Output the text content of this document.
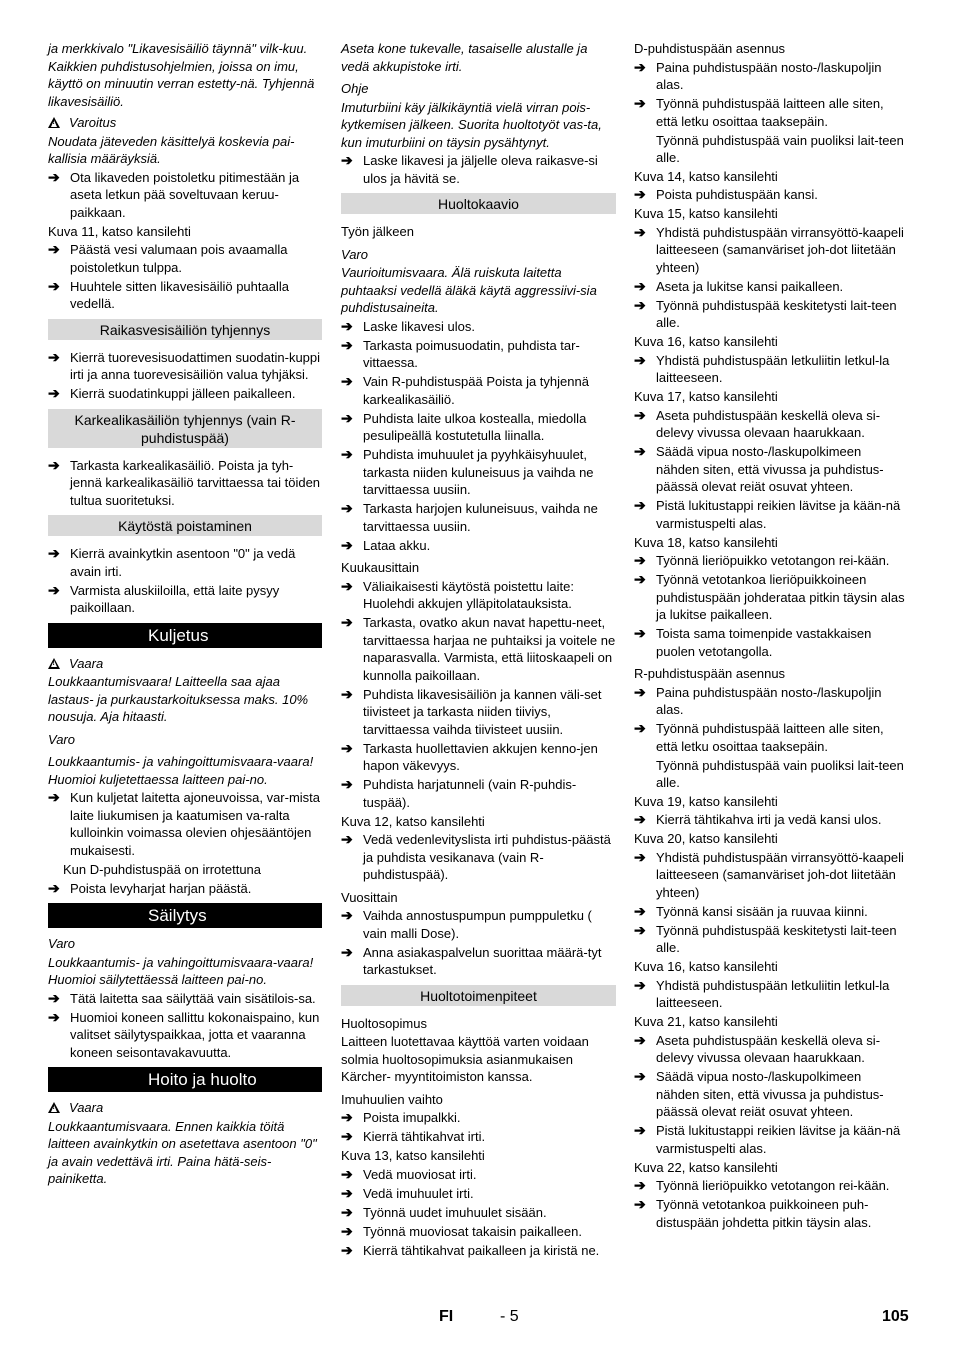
ja merkkivalo "Likavesisäiliö täynnä" vilk-kuu. Kaikkien puhdistusohjelmien, joissa on imu, käyttö on minuutin verran estetty-nä. Tyhjennä likavesisäiliö.
!Varoitus
Noudata jäteveden käsittelyä koskevia pai-kallisia määräyksiä.
➔ Ota likaveden poistoletku pitimestään ja aseta letkun pää soveltuvaan keruu-paikkaan.
Kuva 11, katso kansilehti
➔ Päästä vesi valumaan pois avaamalla poistoletkun tulppa.
➔ Huuhtele sitten likavesisäiliö puhtaalla vedellä.
Raikasvesisäiliön tyhjennys
➔ Kierrä tuorevesisuodattimen suodatin-kuppi irti ja anna tuorevesisäiliön valua tyhjäksi.
➔ Kierrä suodatinkuppi jälleen paikalleen.
Karkealikasäiliön tyhjennys (vain R-puhdistuspää)
➔ Tarkasta karkealikasäiliö. Poista ja tyh-jennä karkealikasäiliö tarvittaessa tai töiden tultua suoritetuksi.
Käytöstä poistaminen
➔ Kierrä avainkytkin asentoon "0" ja vedä avain irti.
➔ Varmista aluskiiloilla, että laite pysyy paikoillaan.
Kuljetus
!Vaara
Loukkaantumisvaara! Laitteella saa ajaa lastaus- ja purkaustarkoituksessa maks. 10% nousuja. Aja hitaasti.
Varo
Loukkaantumis- ja vahingoittumisvaara-vaara! Huomioi kuljetettaessa laitteen pai-no.
➔ Kun kuljetat laitetta ajoneuvoissa, var-mista laite liukumisen ja kaatumisen va-ralta kulloinkin voimassa olevien ohjesääntöjen mukaisesti.
Kun D-puhdistuspää on irrotettuna
➔ Poista levyharjat harjan päästä.
Säilytys
Varo
Loukkaantumis- ja vahingoittumisvaara-vaara! Huomioi säilytettäessä laitteen pai-no.
➔ Tätä laitetta saa säilyttää vain sisätilois-sa.
➔ Huomioi koneen sallittu kokonaispaino, kun valitset säilytyspaikkaa, jotta et vaaranna koneen seisontavakavuutta.
Hoito ja huolto
!Vaara
Loukkaantumisvaara. Ennen kaikkia töitä laitteen avainkytkin on asetettava asentoon "0" ja avain vedettävä irti. Paina hätä-seis-painiketta.
Aseta kone tukevalle, tasaiselle alustalle ja vedä akkupistoke irti.
Ohje
Imuturbiini käy jälkikäyntiä vielä virran pois-kytkemisen jälkeen. Suorita huoltotyöt vas-ta, kun imuturbiini on täysin pysähtynyt.
➔ Laske likavesi ja jäljelle oleva raikasve-si ulos ja hävitä se.
Huoltokaavio
Työn jälkeen
Varo
Vaurioitumisvaara. Älä ruiskuta laitetta puhtaaksi vedellä äläkä käytä aggressiivi-sia puhdistusaineita.
➔ Laske likavesi ulos.
➔ Tarkasta poimusuodatin, puhdista tar-vittaessa.
➔ Vain R-puhdistuspää Poista ja tyhjennä karkealikasäiliö.
➔ Puhdista laite ulkoa kostealla, miedolla pesulipeällä kostutetulla liinalla.
➔ Puhdista imuhuulet ja pyyhkäisyhuulet, tarkasta niiden kuluneisuus ja vaihda ne tarvittaessa uusiin.
➔ Tarkasta harjojen kuluneisuus, vaihda ne tarvittaessa uusiin.
➔ Lataa akku.
Kuukausittain
➔ Väliaikaisesti käytöstä poistettu laite: Huolehdi akkujen ylläpitolatauksista.
➔ Tarkasta, ovatko akun navat hapettu-neet, tarvittaessa harjaa ne puhtaiksi ja voitele ne naparasvalla. Varmista, että liitoskaapeli on kunnolla paikoillaan.
➔ Puhdista likavesisäiliön ja kannen väli-set tiivisteet ja tarkasta niiden tiiviys, tarvittaessa vaihda tiivisteet uusiin.
➔ Tarkasta huollettavien akkujen kenno-jen hapon väkevyys.
➔ Puhdista harjatunneli (vain R-puhdis-tuspää).
Kuva 12, katso kansilehti
➔ Vedä vedenlevityslista irti puhdistus-päästä ja puhdista vesikanava (vain R-puhdistuspää).
Vuosittain
➔ Vaihda annostuspumpun pumppuletku ( vain malli Dose).
➔ Anna asiakaspalvelun suorittaa määrä-tyt tarkastukset.
Huoltotoimenpiteet
Huoltosopimus
Laitteen luotettavaa käyttöä varten voidaan solmia huoltosopimuksia asianmukaisen Kärcher- myyntitoimiston kanssa.
Imuhuulien vaihto
➔ Poista imupalkki.
➔ Kierrä tähtikahvat irti.
Kuva 13, katso kansilehti
➔ Vedä muoviosat irti.
➔ Vedä imuhuulet irti.
➔ Työnnä uudet imuhuulet sisään.
➔ Työnnä muoviosat takaisin paikalleen.
➔ Kierrä tähtikahvat paikalleen ja kiristä ne.
D-puhdistuspään asennus
➔ Paina puhdistuspään nosto-/laskupoljin alas.
➔ Työnnä puhdistuspää laitteen alle siten, että letku osoittaa taaksepäin.
Työnnä puhdistuspää vain puoliksi lait-teen alle.
Kuva 14, katso kansilehti
➔ Poista puhdistuspään kansi.
Kuva 15, katso kansilehti
➔ Yhdistä puhdistuspään virransyöttö-kaapeli laitteeseen (samanväriset joh-dot liitetään yhteen)
➔ Aseta ja lukitse kansi paikalleen.
➔ Työnnä puhdistuspää keskitetysti lait-teen alle.
Kuva 16, katso kansilehti
➔ Yhdistä puhdistuspään letkuliitin letkul-la laitteeseen.
Kuva 17, katso kansilehti
➔ Aseta puhdistuspään keskellä oleva si-delevy vivussa olevaan haarukkaan.
➔ Säädä vipua nosto-/laskupolkimeen nähden siten, että vivussa ja puhdistus-päässä olevat reiät osuvat yhteen.
➔ Pistä lukitustappi reikien lävitse ja kään-nä varmistuspelti alas.
Kuva 18, katso kansilehti
➔ Työnnä lieriöpuikko vetotangon rei-kään.
➔ Työnnä vetotankoa lieriöpuikkoineen puhdistuspään johderataa pitkin täysin alas ja lukitse paikalleen.
➔ Toista sama toimenpide vastakkaisen puolen vetotangolla.
R-puhdistuspään asennus
➔ Paina puhdistuspään nosto-/laskupoljin alas.
➔ Työnnä puhdistuspää laitteen alle siten, että letku osoittaa taaksepäin.
Työnnä puhdistuspää vain puoliksi lait-teen alle.
Kuva 19, katso kansilehti
➔ Kierrä tähtikahva irti ja vedä kansi ulos.
Kuva 20, katso kansilehti
➔ Yhdistä puhdistuspään virransyöttö-kaapeli laitteeseen (samanväriset joh-dot liitetään yhteen)
➔ Työnnä kansi sisään ja ruuvaa kiinni.
➔ Työnnä puhdistuspää keskitetysti lait-teen alle.
Kuva 16, katso kansilehti
➔ Yhdistä puhdistuspään letkuliitin letkul-la laitteeseen.
Kuva 21, katso kansilehti
➔ Aseta puhdistuspään keskellä oleva si-delevy vivussa olevaan haarukkaan.
➔ Säädä vipua nosto-/laskupolkimeen nähden siten, että vivussa ja puhdistus-päässä olevat reiät osuvat yhteen.
➔ Pistä lukitustappi reikien lävitse ja kään-nä varmistuspelti alas.
Kuva 22, katso kansilehti
➔ Työnnä lieriöpuikko vetotangon rei-kään.
➔ Työnnä vetotankoa puikkoineen puh-distuspään johdetta pitkin täysin alas.
FI	- 5	105
